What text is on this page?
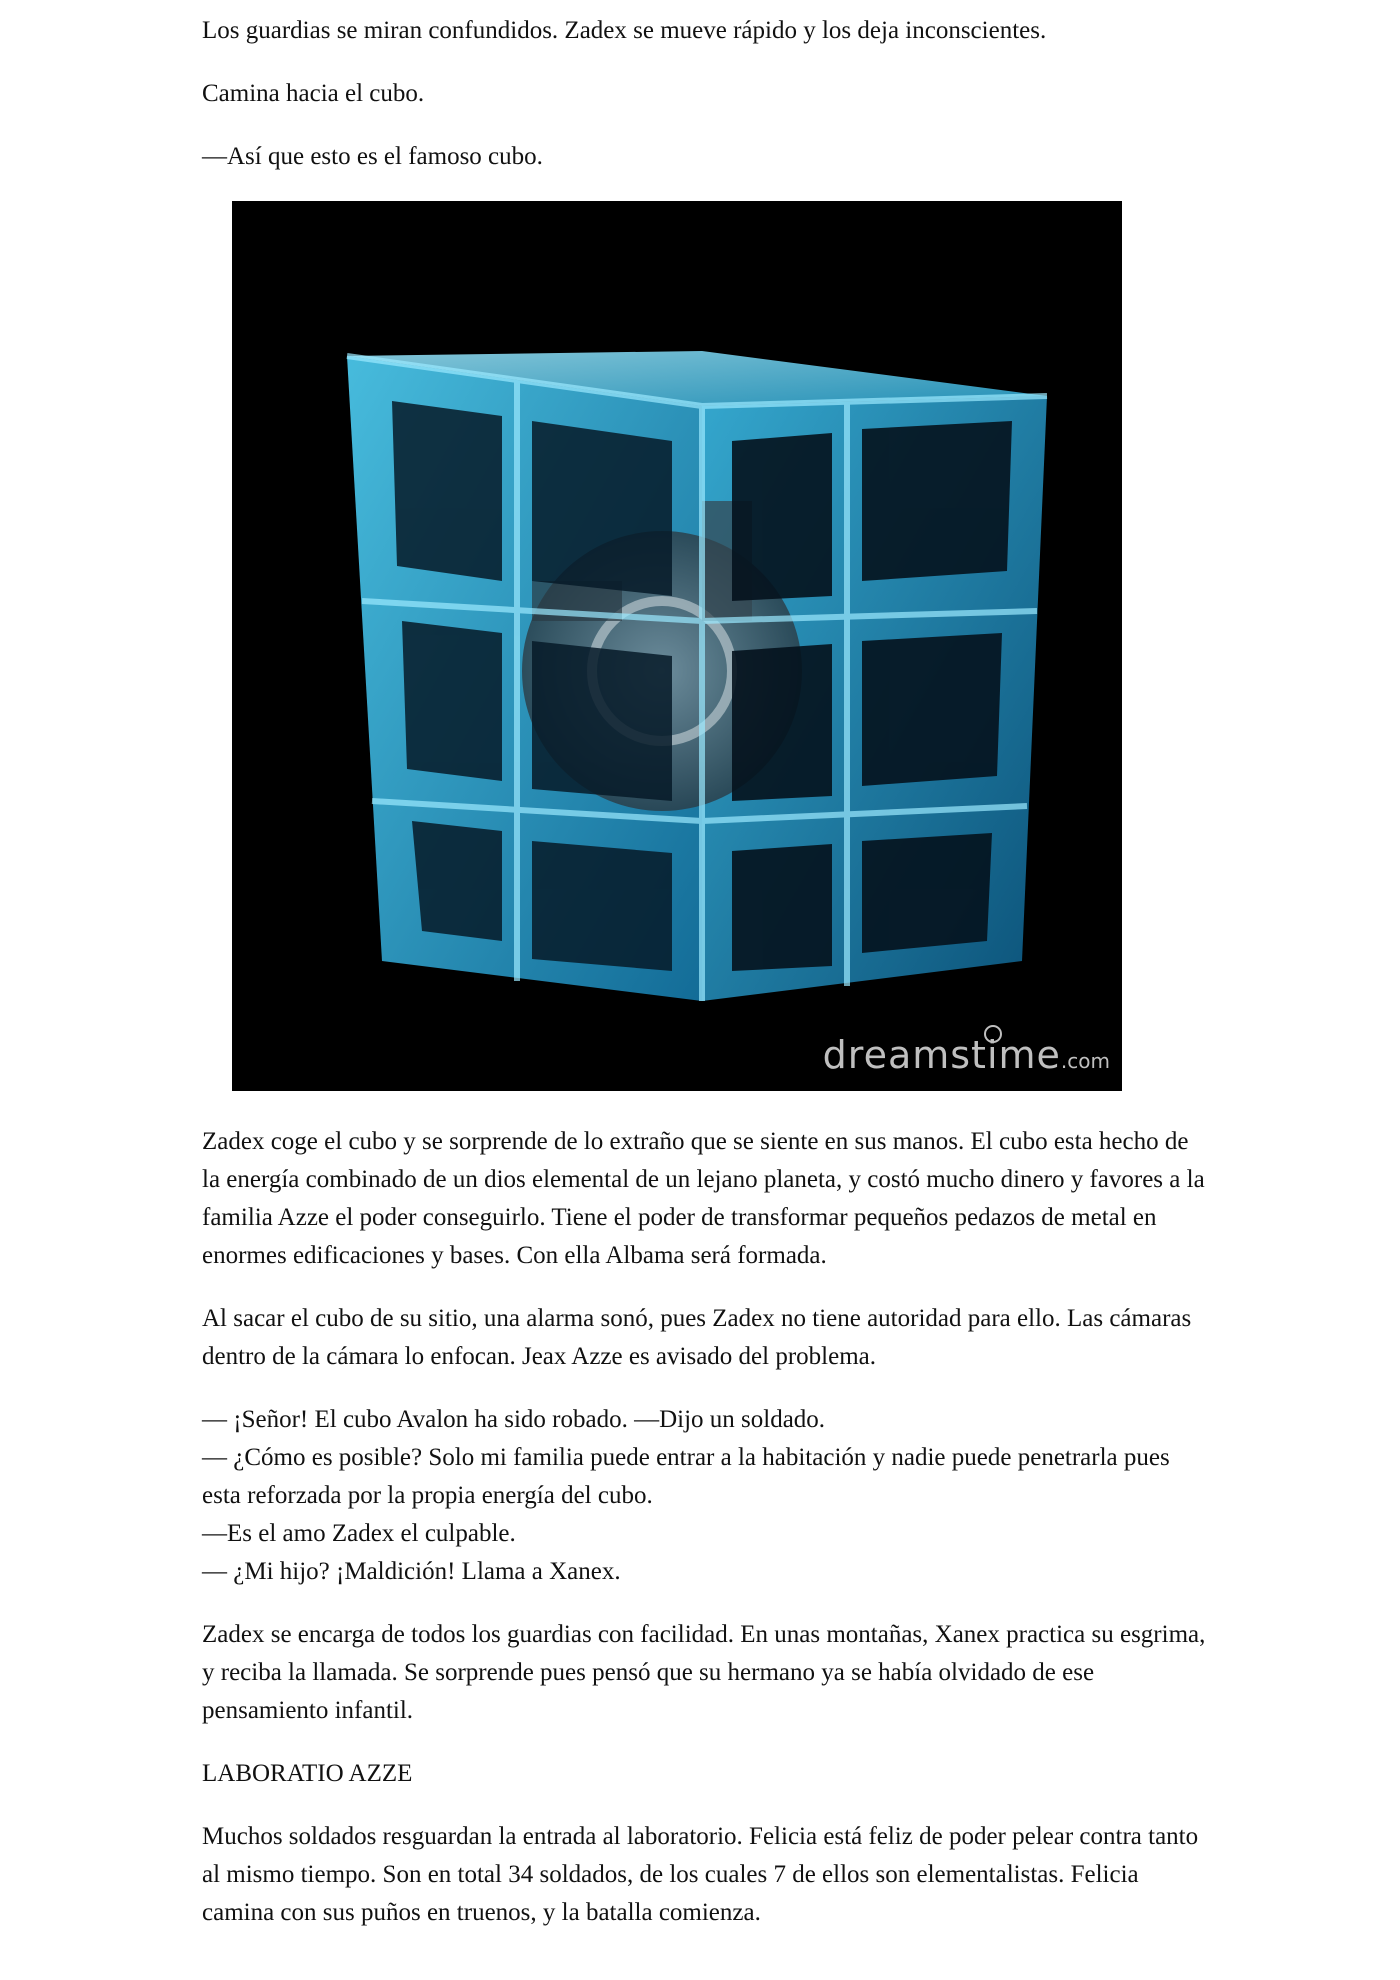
Los guardias se miran confundidos. Zadex se mueve rápido y los deja inconscientes.

Camina hacia el cubo.

—Así que esto es el famoso cubo.

dreamstime.com

Zadex coge el cubo y se sorprende de lo extraño que se siente en sus manos. El cubo esta hecho de la energía combinado de un dios elemental de un lejano planeta, y costó mucho dinero y favores a la familia Azze el poder conseguirlo. Tiene el poder de transformar pequeños pedazos de metal en enormes edificaciones y bases. Con ella Albama será formada.

Al sacar el cubo de su sitio, una alarma sonó, pues Zadex no tiene autoridad para ello. Las cámaras dentro de la cámara lo enfocan. Jeax Azze es avisado del problema.

— ¡Señor! El cubo Avalon ha sido robado. —Dijo un soldado.
— ¿Cómo es posible? Solo mi familia puede entrar a la habitación y nadie puede penetrarla pues esta reforzada por la propia energía del cubo.
—Es el amo Zadex el culpable.
— ¿Mi hijo? ¡Maldición! Llama a Xanex.

Zadex se encarga de todos los guardias con facilidad. En unas montañas, Xanex practica su esgrima, y reciba la llamada. Se sorprende pues pensó que su hermano ya se había olvidado de ese pensamiento infantil.

LABORATIO AZZE

Muchos soldados resguardan la entrada al laboratorio. Felicia está feliz de poder pelear contra tanto al mismo tiempo. Son en total 34 soldados, de los cuales 7 de ellos son elementalistas. Felicia camina con sus puños en truenos, y la batalla comienza.
